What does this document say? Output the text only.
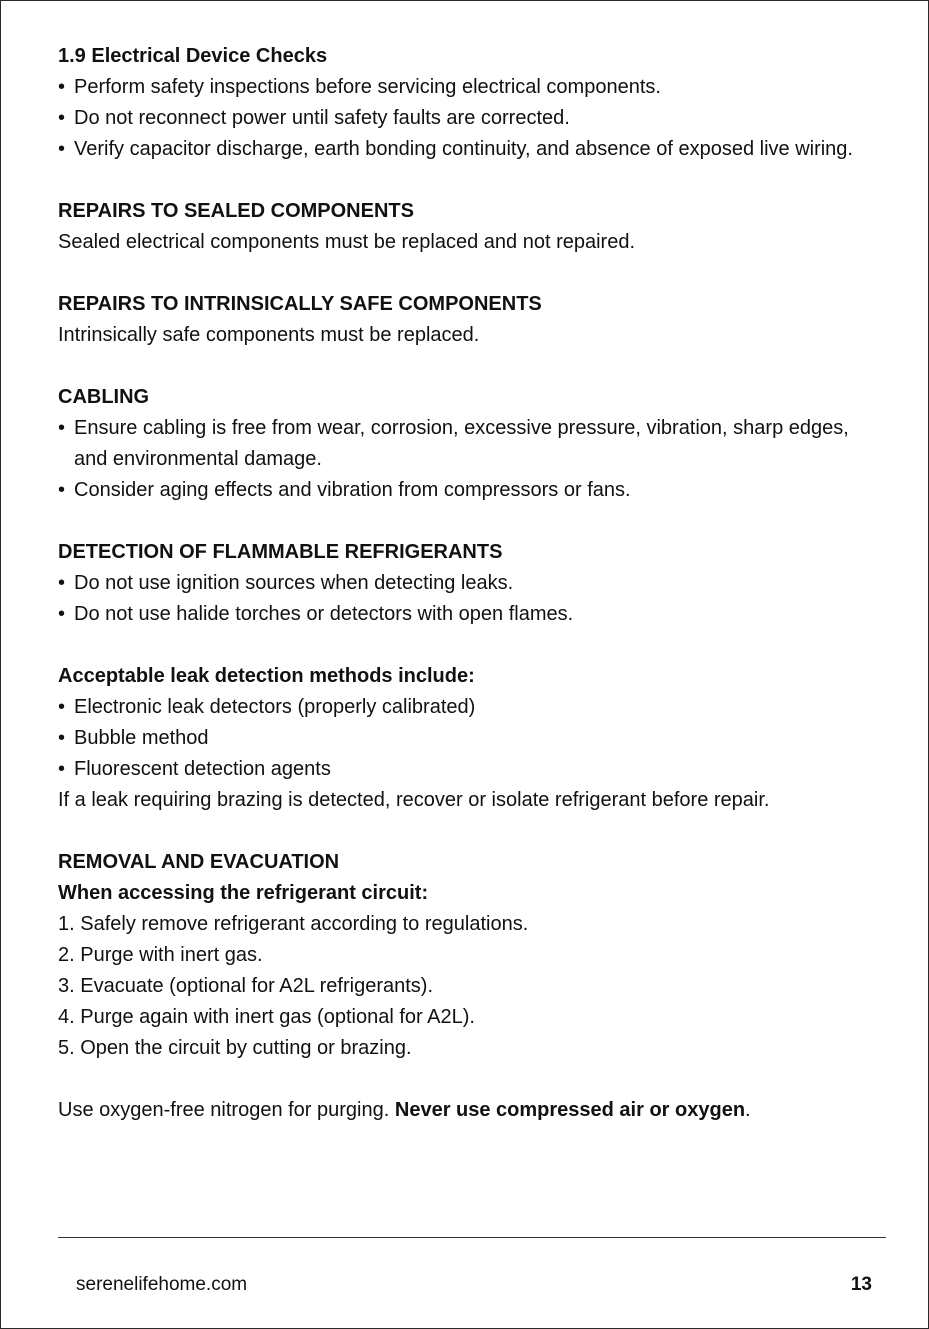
1.9 Electrical Device Checks

• Perform safety inspections before servicing electrical components.
• Do not reconnect power until safety faults are corrected.
• Verify capacitor discharge, earth bonding continuity, and absence of exposed live wiring.

REPAIRS TO SEALED COMPONENTS

Sealed electrical components must be replaced and not repaired.

REPAIRS TO INTRINSICALLY SAFE COMPONENTS

Intrinsically safe components must be replaced.

CABLING

• Ensure cabling is free from wear, corrosion, excessive pressure, vibration, sharp edges, and environmental damage.
• Consider aging effects and vibration from compressors or fans.

DETECTION OF FLAMMABLE REFRIGERANTS

• Do not use ignition sources when detecting leaks.
• Do not use halide torches or detectors with open flames.

Acceptable leak detection methods include:

• Electronic leak detectors (properly calibrated)
• Bubble method
• Fluorescent detection agents

If a leak requiring brazing is detected, recover or isolate refrigerant before repair.

REMOVAL AND EVACUATION

When accessing the refrigerant circuit:

1. Safely remove refrigerant according to regulations.

2. Purge with inert gas.

3. Evacuate (optional for A2L refrigerants).

4. Purge again with inert gas (optional for A2L).

5. Open the circuit by cutting or brazing.

Use oxygen-free nitrogen for purging. Never use compressed air or oxygen.

serenelifehome.com	13
